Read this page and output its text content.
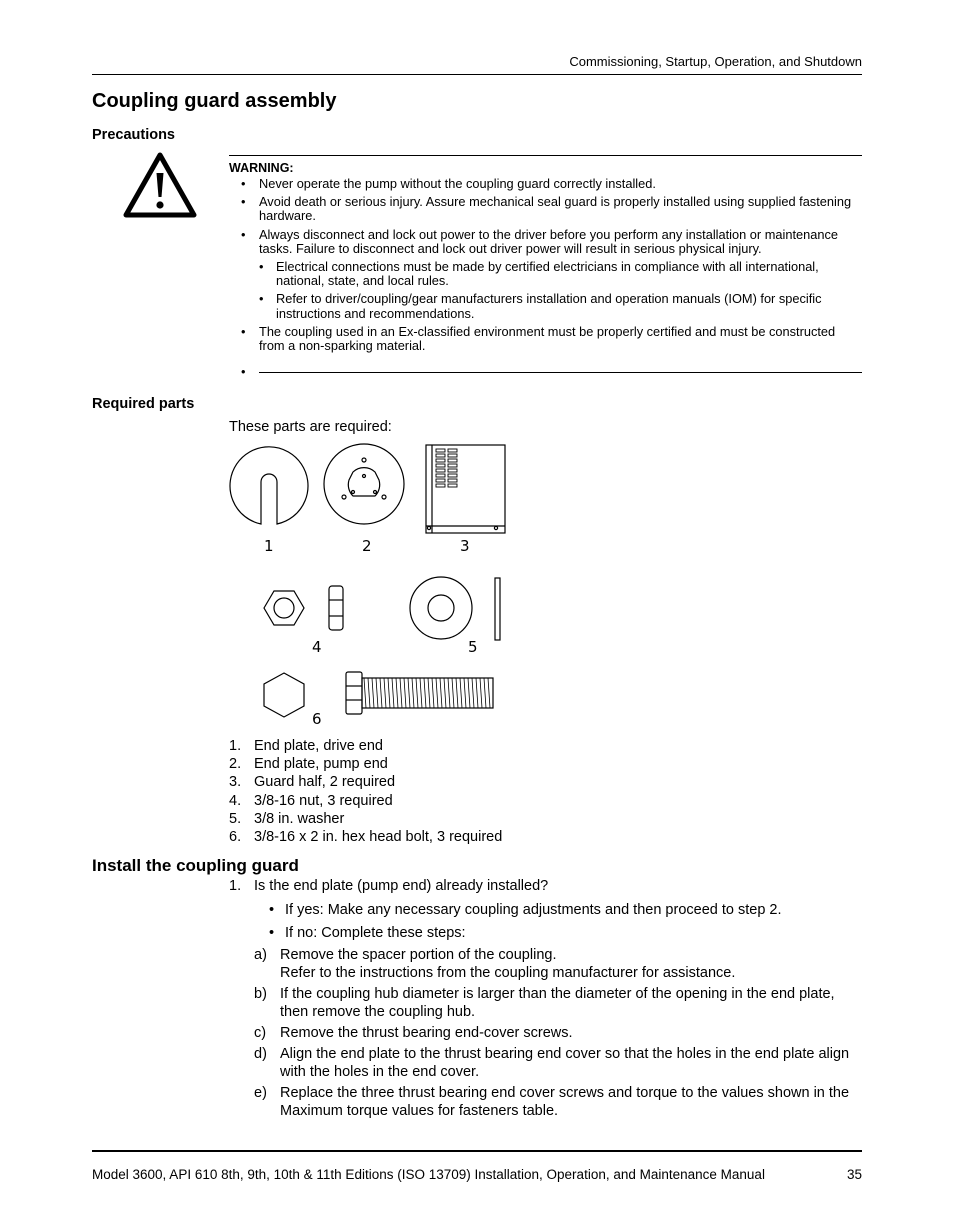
Commissioning, Startup, Operation, and Shutdown
Coupling guard assembly
Precautions
WARNING:
• Never operate the pump without the coupling guard correctly installed.
• Avoid death or serious injury. Assure mechanical seal guard is properly installed using supplied fastening hardware.
• Always disconnect and lock out power to the driver before you perform any installation or maintenance tasks. Failure to disconnect and lock out driver power will result in serious physical injury.
• Electrical connections must be made by certified electricians in compliance with all international, national, state, and local rules.
• Refer to driver/coupling/gear manufacturers installation and operation manuals (IOM) for specific instructions and recommendations.
• The coupling used in an Ex-classified environment must be properly certified and must be constructed from a non-sparking material.
•
Required parts
These parts are required:
1	2	3
4	5
6
1. End plate, drive end
2. End plate, pump end
3. Guard half, 2 required
4. 3/8-16 nut, 3 required
5. 3/8 in. washer
6. 3/8-16 x 2 in. hex head bolt, 3 required
Install the coupling guard
1. Is the end plate (pump end) already installed?
• If yes: Make any necessary coupling adjustments and then proceed to step 2.
• If no: Complete these steps:
a) Remove the spacer portion of the coupling.
Refer to the instructions from the coupling manufacturer for assistance.
b) If the coupling hub diameter is larger than the diameter of the opening in the end plate, then remove the coupling hub.
c) Remove the thrust bearing end-cover screws.
d) Align the end plate to the thrust bearing end cover so that the holes in the end plate align with the holes in the end cover.
e) Replace the three thrust bearing end cover screws and torque to the values shown in the Maximum torque values for fasteners table.
Model 3600, API 610 8th, 9th, 10th & 11th Editions (ISO 13709) Installation, Operation, and Maintenance Manual	35
